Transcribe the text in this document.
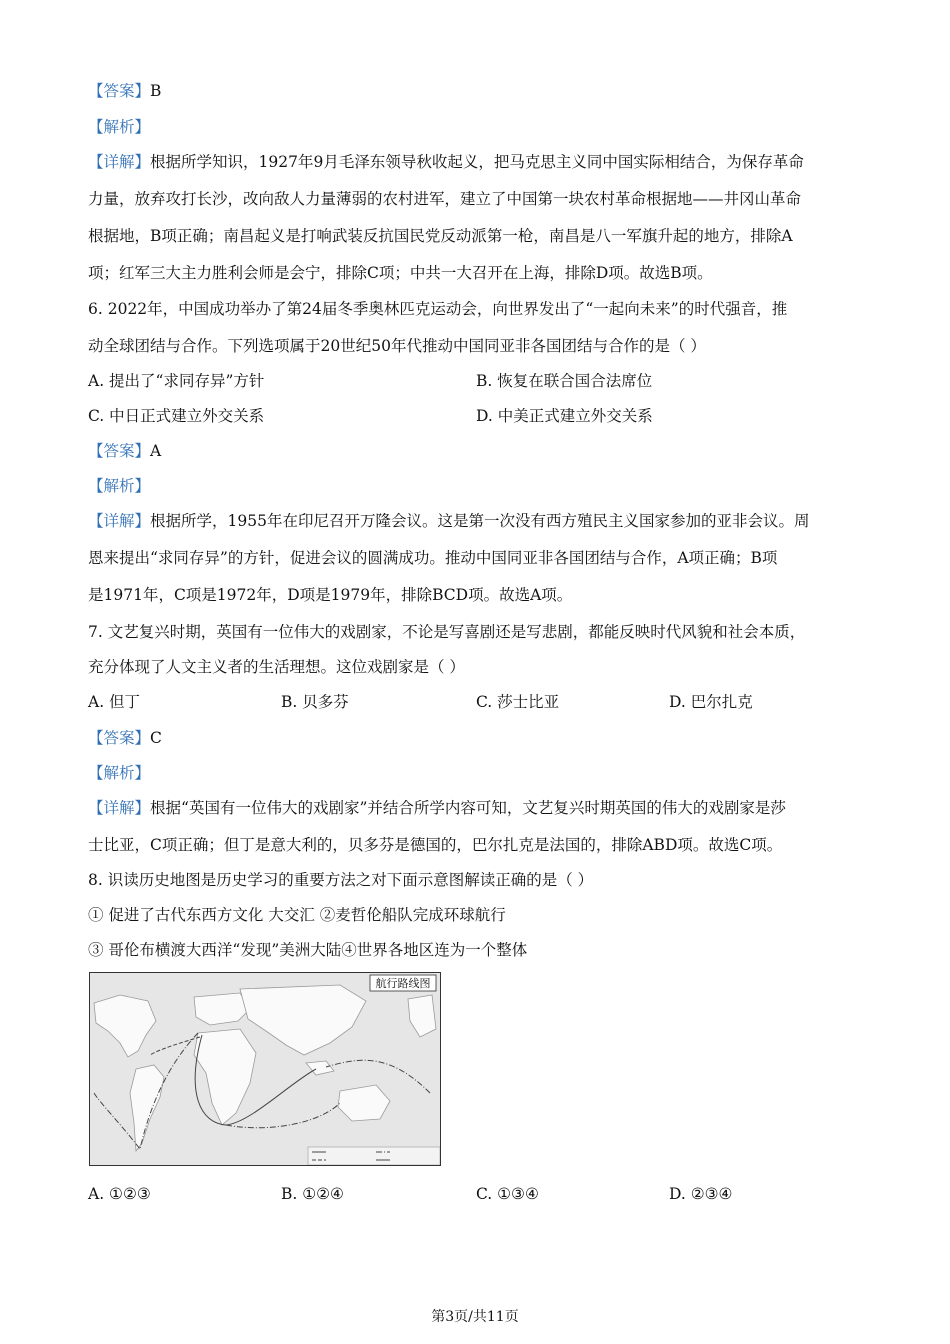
【答案】B
【解析】
【详解】根据所学知识，1927年9月毛泽东领导秋收起义，把马克思主义同中国实际相结合，为保存革命
力量，放弃攻打长沙，改向敌人力量薄弱的农村进军，建立了中国第一块农村革命根据地——井冈山革命
根据地，B项正确；南昌起义是打响武装反抗国民党反动派第一枪，南昌是八一军旗升起的地方，排除A
项；红军三大主力胜利会师是会宁，排除C项；中共一大召开在上海，排除D项。故选B项。
6. 2022年，中国成功举办了第24届冬季奥林匹克运动会，向世界发出了“一起向未来”的时代强音，推
动全球团结与合作。下列选项属于20世纪50年代推动中国同亚非各国团结与合作的是（ ）
A. 提出了“求同存异”方针	B. 恢复在联合国合法席位
C. 中日正式建立外交关系	D. 中美正式建立外交关系
【答案】A
【解析】
【详解】根据所学，1955年在印尼召开万隆会议。这是第一次没有西方殖民主义国家参加的亚非会议。周
恩来提出“求同存异”的方针，促进会议的圆满成功。推动中国同亚非各国团结与合作，A项正确；B项
是1971年，C项是1972年，D项是1979年，排除BCD项。故选A项。
7. 文艺复兴时期，英国有一位伟大的戏剧家，不论是写喜剧还是写悲剧，都能反映时代风貌和社会本质，
充分体现了人文主义者的生活理想。这位戏剧家是（ ）
A. 但丁	B. 贝多芬	C. 莎士比亚	D. 巴尔扎克
【答案】C
【解析】
【详解】根据“英国有一位伟大的戏剧家”并结合所学内容可知，文艺复兴时期英国的伟大的戏剧家是莎
士比亚，C项正确；但丁是意大利的，贝多芬是德国的，巴尔扎克是法国的，排除ABD项。故选C项。
8. 识读历史地图是历史学习的重要方法之对下面示意图解读正确的是（ ）
① 促进了古代东西方文化 大交汇 ②麦哲伦船队完成环球航行
③ 哥伦布横渡大西洋“发现”美洲大陆④世界各地区连为一个整体
航行路线图
A. ①②③	B. ①②④	C. ①③④	D. ②③④
第3页/共11页
